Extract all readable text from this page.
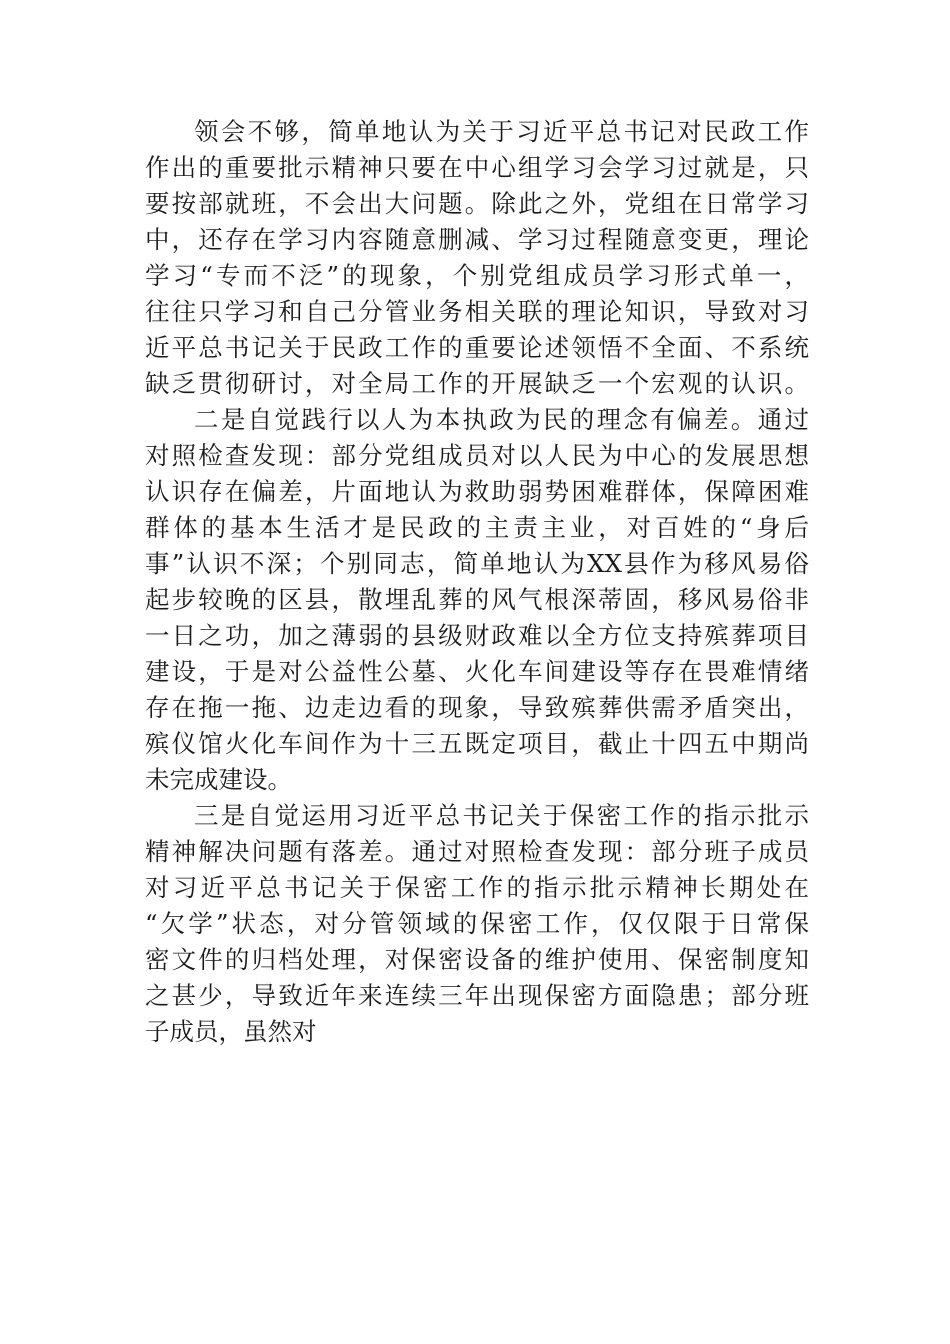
领会不够，简单地认为关于习近平总书记对民政工作
作出的重要批示精神只要在中心组学习会学习过就是，只
要按部就班，不会出大问题。除此之外，党组在日常学习
中，还存在学习内容随意删减、学习过程随意变更，理论
学习“专而不泛”的现象，个别党组成员学习形式单一，
往往只学习和自己分管业务相关联的理论知识，导致对习
近平总书记关于民政工作的重要论述领悟不全面、不系统
缺乏贯彻研讨，对全局工作的开展缺乏一个宏观的认识。
二是自觉践行以人为本执政为民的理念有偏差。通过
对照检查发现：部分党组成员对以人民为中心的发展思想
认识存在偏差，片面地认为救助弱势困难群体，保障困难
群体的基本生活才是民政的主责主业，对百姓的“身后
事”认识不深；个别同志，简单地认为XX县作为移风易俗
起步较晚的区县，散埋乱葬的风气根深蒂固，移风易俗非
一日之功，加之薄弱的县级财政难以全方位支持殡葬项目
建设，于是对公益性公墓、火化车间建设等存在畏难情绪
存在拖一拖、边走边看的现象，导致殡葬供需矛盾突出，
殡仪馆火化车间作为十三五既定项目，截止十四五中期尚
未完成建设。
三是自觉运用习近平总书记关于保密工作的指示批示
精神解决问题有落差。通过对照检查发现：部分班子成员
对习近平总书记关于保密工作的指示批示精神长期处在
“欠学”状态，对分管领域的保密工作，仅仅限于日常保
密文件的归档处理，对保密设备的维护使用、保密制度知
之甚少，导致近年来连续三年出现保密方面隐患；部分班
子成员，虽然对
